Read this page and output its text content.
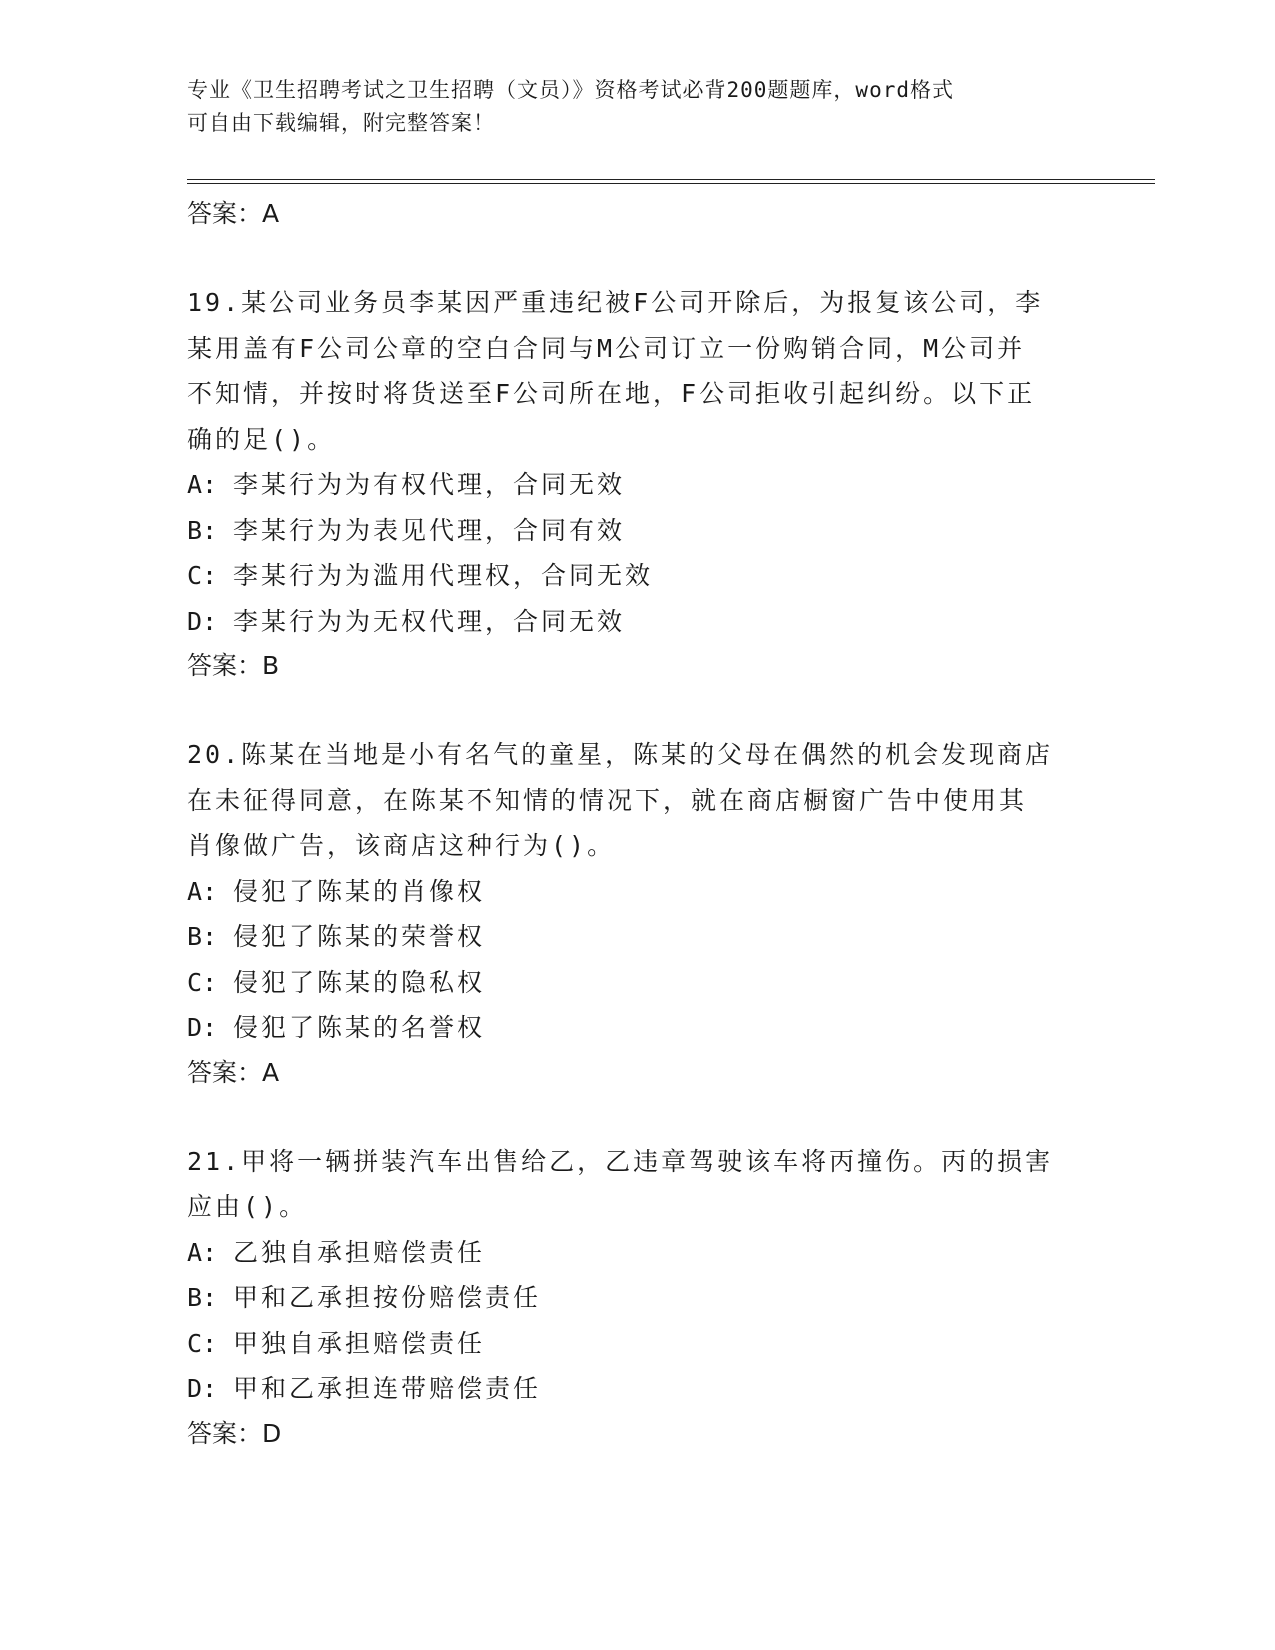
专业《卫生招聘考试之卫生招聘（文员）》资格考试必背200题题库，word格式
可自由下载编辑，附完整答案！
答案：A
19.某公司业务员李某因严重违纪被F公司开除后，为报复该公司，李
某用盖有F公司公章的空白合同与M公司订立一份购销合同，M公司并
不知情，并按时将货送至F公司所在地，F公司拒收引起纠纷。以下正
确的足()。
A: 李某行为为有权代理，合同无效
B: 李某行为为表见代理，合同有效
C: 李某行为为滥用代理权，合同无效
D: 李某行为为无权代理，合同无效
答案：B
20.陈某在当地是小有名气的童星，陈某的父母在偶然的机会发现商店
在未征得同意，在陈某不知情的情况下，就在商店橱窗广告中使用其
肖像做广告，该商店这种行为()。
A: 侵犯了陈某的肖像权
B: 侵犯了陈某的荣誉权
C: 侵犯了陈某的隐私权
D: 侵犯了陈某的名誉权
答案：A
21.甲将一辆拼装汽车出售给乙，乙违章驾驶该车将丙撞伤。丙的损害
应由()。
A: 乙独自承担赔偿责任
B: 甲和乙承担按份赔偿责任
C: 甲独自承担赔偿责任
D: 甲和乙承担连带赔偿责任
答案：D
